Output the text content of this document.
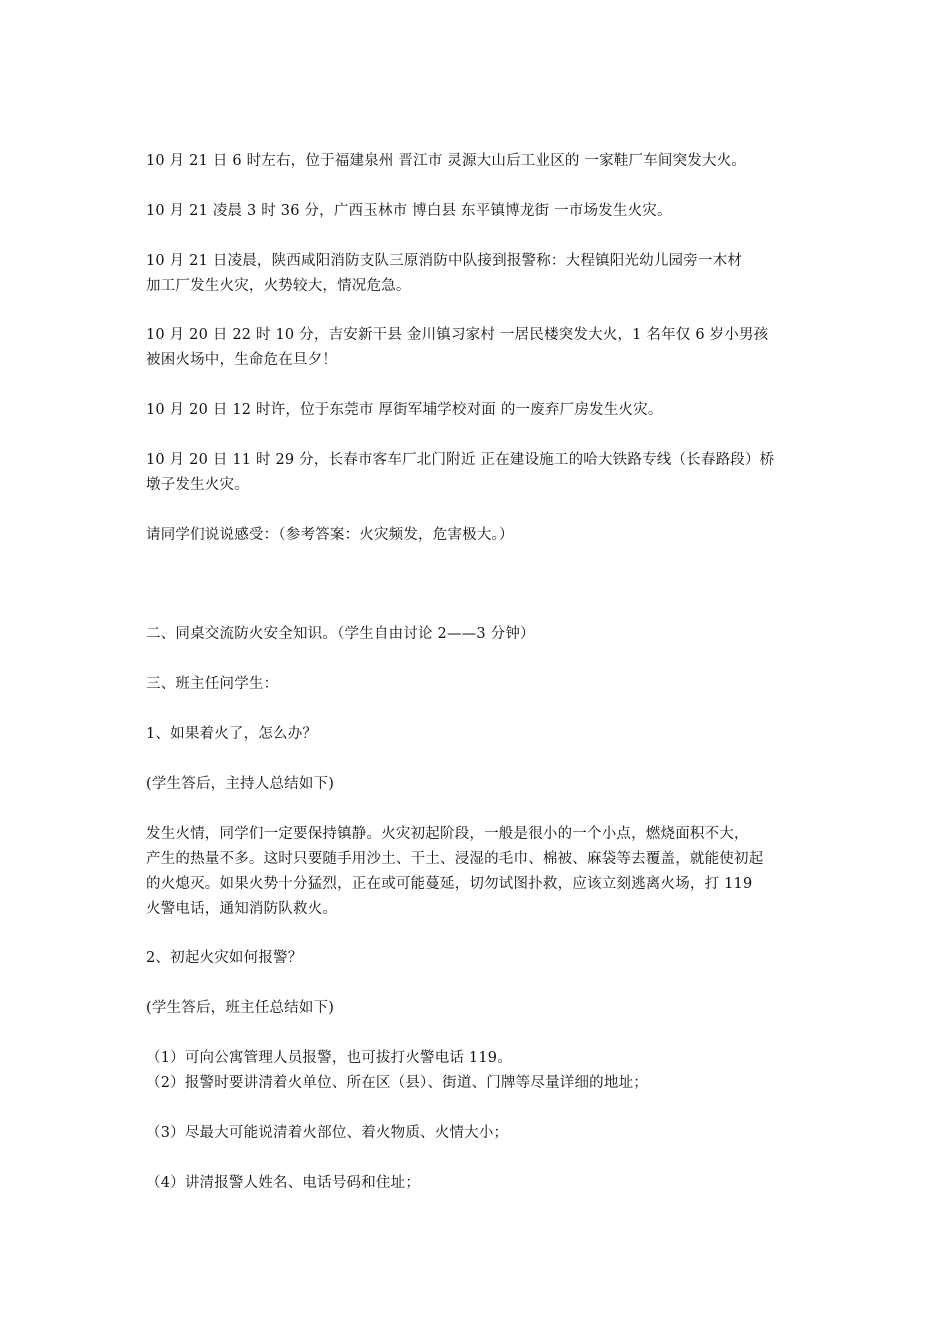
10 月 21 日 6 时左右，位于福建泉州 晋江市 灵源大山后工业区的 一家鞋厂车间突发大火。
10 月 21 凌晨 3 时 36 分，广西玉林市 博白县 东平镇博龙街 一市场发生火灾。
10 月 21 日凌晨，陕西咸阳消防支队三原消防中队接到报警称：大程镇阳光幼儿园旁一木材
加工厂发生火灾，火势较大，情况危急。
10 月 20 日 22 时 10 分，吉安新干县 金川镇习家村 一居民楼突发大火，1 名年仅 6 岁小男孩
被困火场中，生命危在旦夕！
10 月 20 日 12 时许，位于东莞市 厚街军埔学校对面 的一废弃厂房发生火灾。
10 月 20 日 11 时 29 分，长春市客车厂北门附近 正在建设施工的哈大铁路专线（长春路段）桥
墩子发生火灾。
请同学们说说感受：（参考答案：火灾频发，危害极大。）
二、同桌交流防火安全知识。（学生自由讨论 2——3 分钟）
三、班主任问学生：
1、如果着火了，怎么办？
(学生答后，主持人总结如下)
发生火情，同学们一定要保持镇静。火灾初起阶段，一般是很小的一个小点，燃烧面积不大，
产生的热量不多。这时只要随手用沙土、干土、浸湿的毛巾、棉被、麻袋等去覆盖，就能使初起
的火熄灭。如果火势十分猛烈，正在或可能蔓延，切勿试图扑救，应该立刻逃离火场，打 119
火警电话，通知消防队救火。
2、初起火灾如何报警？
(学生答后，班主任总结如下)
（1）可向公寓管理人员报警，也可拔打火警电话 119。
（2）报警时要讲清着火单位、所在区（县）、街道、门牌等尽量详细的地址；
（3）尽最大可能说清着火部位、着火物质、火情大小；
（4）讲清报警人姓名、电话号码和住址；
